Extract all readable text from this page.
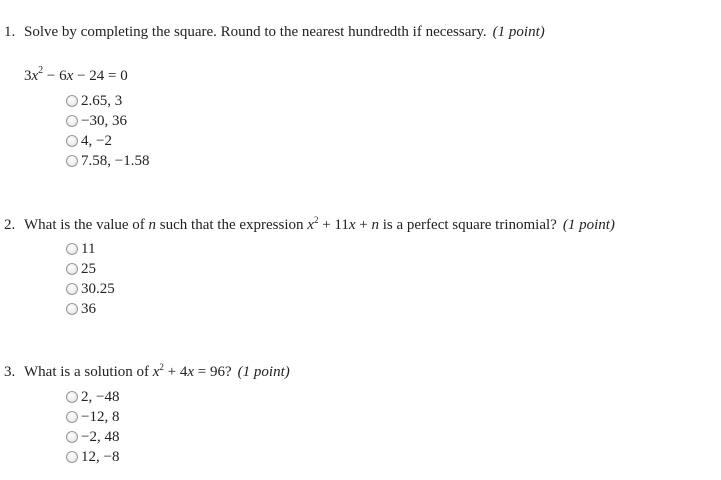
1. Solve by completing the square. Round to the nearest hundredth if necessary. (1 point)
$3x^2 - 6x - 24 = 0$
2.65, 3
−30, 36
4, −2
7.58, −1.58
2. What is the value of n such that the expression $x^2 + 11x + n$ is a perfect square trinomial? (1 point)
11
25
30.25
36
3. What is a solution of $x^2 + 4x = 96$? (1 point)
2, −48
−12, 8
−2, 48
12, −8
